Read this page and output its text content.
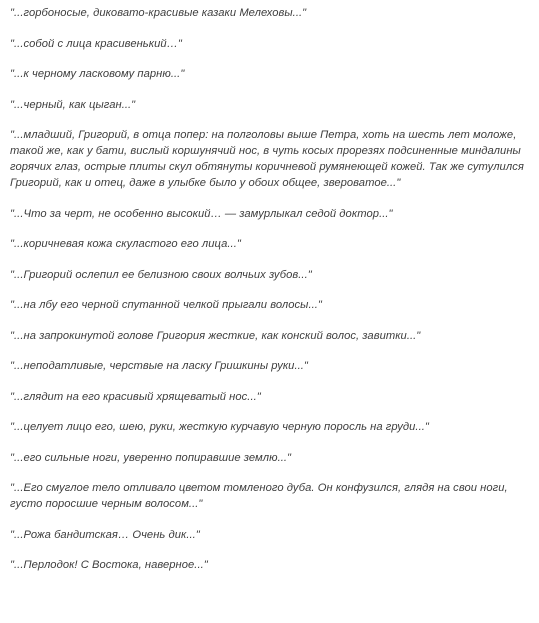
"...горбоносые, диковато-красивые казаки Мелеховы..."

"...собой с лица красивенький…"

"...к черному ласковому парню..."

"...черный, как цыган..."

"...младший, Григорий, в отца попер: на полголовы выше Петра, хоть на шесть лет моложе, такой же, как у бати, вислый коршунячий нос, в чуть косых прорезях подсиненные миндалины горячих глаз, острые плиты скул обтянуты коричневой румянеющей кожей. Так же сутулился Григорий, как и отец, даже в улыбке было у обоих общее, звероватое..."

"...Что за черт, не особенно высокий… — замурлыкал седой доктор..."

"...коричневая кожа скуластого его лица..."

"...Григорий ослепил ее белизною своих волчьих зубов..."

"...на лбу его черной спутанной челкой прыгали волосы..."

"...на запрокинутой голове Григория жесткие, как конский волос, завитки..."

"...неподатливые, черствые на ласку Гришкины руки..."

"...глядит на его красивый хрящеватый нос..."

"...целует лицо его, шею, руки, жесткую курчавую черную поросль на груди..."

"...его сильные ноги, уверенно попиравшие землю..."

"...Его смуглое тело отливало цветом томленого дуба. Он конфузился, глядя на свои ноги, густо поросшие черным волосом..."

"...Рожа бандитская… Очень дик..."

"...Перлодок! С Востока, наверное..."
